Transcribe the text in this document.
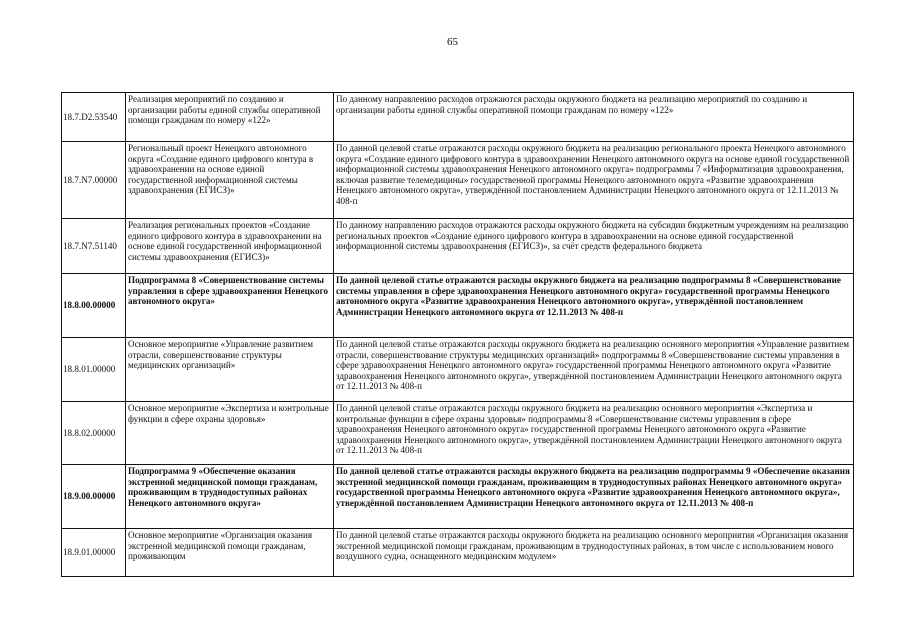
65
18.7.D2.53540	Реализация мероприятий по созданию и организации работы единой службы оперативной помощи гражданам по номеру «122»	По данному направлению расходов отражаются расходы окружного бюджета на реализацию мероприятий по созданию и организации работы единой службы оперативной помощи гражданам по номеру «122»
18.7.N7.00000	Региональный проект Ненецкого автономного округа «Создание единого цифрового контура в здравоохранении на основе единой государственной информационной системы здравоохранения (ЕГИСЗ)»	По данной целевой статье отражаются расходы окружного бюджета на реализацию регионального проекта Ненецкого автономного округа «Создание единого цифрового контура в здравоохранении Ненецкого автономного округа на основе единой государственной информационной системы здравоохранения Ненецкого автономного округа» подпрограммы 7 «Информатизация здравоохранения, включая развитие телемедицины» государственной программы Ненецкого автономного округа «Развитие здравоохранения Ненецкого автономного округа», утверждённой постановлением Администрации Ненецкого автономного округа от 12.11.2013 № 408-п
18.7.N7.51140	Реализация региональных проектов «Создание единого цифрового контура в здравоохранении на основе единой государственной информационной системы здравоохранения (ЕГИСЗ)»	По данному направлению расходов отражаются расходы окружного бюджета на субсидии бюджетным учреждениям на реализацию региональных проектов «Создание единого цифрового контура в здравоохранении на основе единой государственной информационной системы здравоохранения (ЕГИСЗ)», за счёт средств федерального бюджета
18.8.00.00000	Подпрограмма 8 «Совершенствование системы управления в сфере здравоохранения Ненецкого автономного округа»	По данной целевой статье отражаются расходы окружного бюджета на реализацию подпрограммы 8 «Совершенствование системы управления в сфере здравоохранения Ненецкого автономного округа» государственной программы Ненецкого автономного округа «Развитие здравоохранения Ненецкого автономного округа», утверждённой постановлением Администрации Ненецкого автономного округа от 12.11.2013 № 408-п
18.8.01.00000	Основное мероприятие «Управление развитием отрасли, совершенствование структуры медицинских организаций»	По данной целевой статье отражаются расходы окружного бюджета на реализацию основного мероприятия «Управление развитием отрасли, совершенствование структуры медицинских организаций» подпрограммы 8 «Совершенствование системы управления в сфере здравоохранения Ненецкого автономного округа» государственной программы Ненецкого автономного округа «Развитие здравоохранения Ненецкого автономного округа», утверждённой постановлением Администрации Ненецкого автономного округа от 12.11.2013 № 408-п
18.8.02.00000	Основное мероприятие «Экспертиза и контрольные функции в сфере охраны здоровья»	По данной целевой статье отражаются расходы окружного бюджета на реализацию основного мероприятия «Экспертиза и контрольные функции в сфере охраны здоровья» подпрограммы 8 «Совершенствование системы управления в сфере здравоохранения Ненецкого автономного округа» государственной программы Ненецкого автономного округа «Развитие здравоохранения Ненецкого автономного округа», утверждённой постановлением Администрации Ненецкого автономного округа от 12.11.2013 № 408-п
18.9.00.00000	Подпрограмма 9 «Обеспечение оказания экстренной медицинской помощи гражданам, проживающим в труднодоступных районах Ненецкого автономного округа»	По данной целевой статье отражаются расходы окружного бюджета на реализацию подпрограммы 9 «Обеспечение оказания экстренной медицинской помощи гражданам, проживающим в труднодоступных районах Ненецкого автономного округа» государственной программы Ненецкого автономного округа «Развитие здравоохранения Ненецкого автономного округа», утверждённой постановлением Администрации Ненецкого автономного округа от 12.11.2013 № 408-п
18.9.01.00000	Основное мероприятие «Организация оказания экстренной медицинской помощи гражданам, проживающим	По данной целевой статье отражаются расходы окружного бюджета на реализацию основного мероприятия «Организация оказания экстренной медицинской помощи гражданам, проживающим в труднодоступных районах, в том числе с использованием нового воздушного судна, оснащенного медицинским модулем»
